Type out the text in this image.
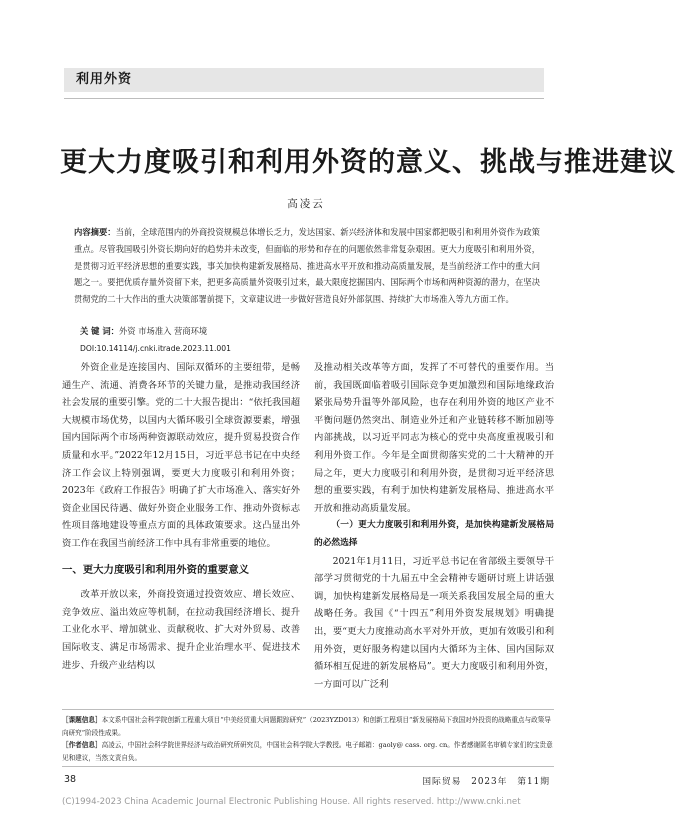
利用外资
更大力度吸引和利用外资的意义、挑战与推进建议
高凌云
内容摘要：当前，全球范围内的外商投资规模总体增长乏力，发达国家、新兴经济体和发展中国家都把吸引和利用外资作为政策重点。尽管我国吸引外资长期向好的趋势并未改变，但面临的形势和存在的问题依然非常复杂艰困。更大力度吸引和利用外资，是贯彻习近平经济思想的重要实践，事关加快构建新发展格局、推进高水平开放和推动高质量发展，是当前经济工作中的重大问题之一。要把优质存量外资留下来，把更多高质量外资吸引过来，最大限度挖掘国内、国际两个市场和两种资源的潜力，在坚决贯彻党的二十大作出的重大决策部署前提下，文章建议进一步做好营造良好外部氛围、持续扩大市场准入等九方面工作。
关 键 词：外资 市场准入 营商环境
DOI:10.14114/j.cnki.itrade.2023.11.001

外资企业是连接国内、国际双循环的主要纽带，是畅通生产、流通、消费各环节的关键力量，是推动我国经济社会发展的重要引擎。党的二十大报告提出：“依托我国超大规模市场优势，以国内大循环吸引全球资源要素，增强国内国际两个市场两种资源联动效应，提升贸易投资合作质量和水平。”2022年12月15日，习近平总书记在中央经济工作会议上特别强调，要更大力度吸引和利用外资；2023年《政府工作报告》明确了扩大市场准入、落实好外资企业国民待遇、做好外资企业服务工作、推动外资标志性项目落地建设等重点方面的具体政策要求。这凸显出外资工作在我国当前经济工作中具有非常重要的地位。

一、更大力度吸引和利用外资的重要意义

改革开放以来，外商投资通过投资效应、增长效应、竞争效应、溢出效应等机制，在拉动我国经济增长、提升工业化水平、增加就业、贡献税收、扩大对外贸易、改善国际收支、满足市场需求、提升企业治理水平、促进技术进步、升级产业结构以

及推动相关改革等方面，发挥了不可替代的重要作用。当前，我国既面临着吸引国际竞争更加激烈和国际地缘政治紧张局势升温等外部风险，也存在利用外资的地区产业不平衡问题仍然突出、制造业外迁和产业链转移不断加剧等内部挑战，以习近平同志为核心的党中央高度重视吸引和利用外资工作。今年是全面贯彻落实党的二十大精神的开局之年，更大力度吸引和利用外资，是贯彻习近平经济思想的重要实践，有利于加快构建新发展格局、推进高水平开放和推动高质量发展。

（一）更大力度吸引和利用外资，是加快构建新发展格局的必然选择

2021年1月11日，习近平总书记在省部级主要领导干部学习贯彻党的十九届五中全会精神专题研讨班上讲话强调，加快构建新发展格局是一项关系我国发展全局的重大战略任务。我国《“十四五”利用外资发展规划》明确提出，要“更大力度推动高水平对外开放，更加有效吸引和利用外资，更好服务构建以国内大循环为主体、国内国际双循环相互促进的新发展格局”。更大力度吸引和利用外资，一方面可以广泛利

［课题信息］本文系中国社会科学院创新工程重大项目“中美经贸重大问题跟踪研究”（2023YZD013）和创新工程项目“新发展格局下我国对外投资的战略重点与政策导向研究”阶段性成果。

［作者信息］高凌云，中国社会科学院世界经济与政治研究所研究员，中国社会科学院大学教授。电子邮箱：gaoly@ cass. org. cn。作者感谢匿名审稿专家们的宝贵意见和建议，当然文责自负。

38	国际贸易　2023年　第11期
(C)1994-2023 China Academic Journal Electronic Publishing House. All rights reserved. http://www.cnki.net
